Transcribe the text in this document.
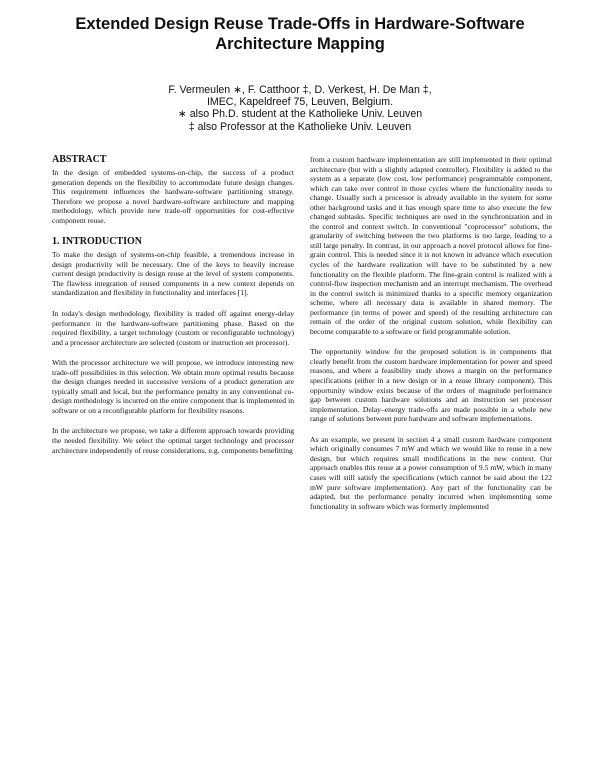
Extended Design Reuse Trade-Offs in Hardware-Software
Architecture Mapping
F. Vermeulen ∗, F. Catthoor ‡, D. Verkest, H. De Man ‡,
IMEC, Kapeldreef 75, Leuven, Belgium.
∗ also Ph.D. student at the Katholieke Univ. Leuven
‡ also Professor at the Katholieke Univ. Leuven
ABSTRACT

In the design of embedded systems-on-chip, the success of a product generation depends on the flexibility to accommodate future design changes. This requirement influences the hardware-software partitioning strategy. Therefore we propose a novel hardware-software architecture and mapping methodology, which provide new trade-off opportunities for cost-effective component reuse.

1. INTRODUCTION

To make the design of systems-on-chip feasible, a tremendous increase in design productivity will be necessary. One of the keys to heavily increase current design productivity is design reuse at the level of system components. The flawless integration of reused components in a new context depends on standardization and flexibility in functionality and interfaces [1].

In today's design methodology, flexibility is traded off against energy-delay performance in the hardware-software partitioning phase. Based on the required flexibility, a target technology (custom or reconfigurable technology) and a processor architecture are selected (custom or instruction set processor).

With the processor architecture we will propose, we introduce interesting new trade-off possibilities in this selection. We obtain more optimal results because the design changes needed in successive versions of a product generation are typically small and local, but the performance penalty in any conventional co-design methodology is incurred on the entire component that is implemented in software or on a reconfigurable platform for flexibility reasons.

In the architecture we propose, we take a different approach towards providing the needed flexibility. We select the optimal target technology and processor architecture independently of reuse considerations, e.g. components benefitting

from a custom hardware implementation are still implemented in their optimal architecture (but with a slightly adapted controller). Flexibility is added to the system as a separate (low cost, low performance) programmable component, which can take over control in those cycles where the functionality needs to change. Usually such a processor is already available in the system for some other background tasks and it has enough spare time to also execute the few changed subtasks. Specific techniques are used in the synchronization and in the control and context switch. In conventional "coprocessor" solutions, the granularity of switching between the two platforms is too large, leading to a still large penalty. In contrast, in our approach a novel protocol allows for fine-grain control. This is needed since it is not known in advance which execution cycles of the hardware realization will have to be substituted by a new functionality on the flexible platform. The fine-grain control is realized with a control-flow inspection mechanism and an interrupt mechanism. The overhead in the control switch is minimized thanks to a specific memory organization scheme, where all necessary data is available in shared memory. The performance (in terms of power and speed) of the resulting architecture can remain of the order of the original custom solution, while flexibility can become comparable to a software or field programmable solution.

The opportunity window for the proposed solution is in components that clearly benefit from the custom hardware implementation for power and speed reasons, and where a feasibility study shows a margin on the performance specifications (either in a new design or in a reuse library component). This opportunity window exists because of the orders of magnitude performance gap between custom hardware solutions and an instruction set processor implementation. Delay–energy trade-offs are made possible in a whole new range of solutions between pure hardware and software implementations.

As an example, we present in section 4 a small custom hardware component which originally consumes 7 mW and which we would like to reuse in a new design, but which requires small modifications in the new context. Our approach enables this reuse at a power consumption of 9.5 mW, which in many cases will still satisfy the specifications (which cannot be said about the 122 mW pure software implementation). Any part of the functionality can be adapted, but the performance penalty incurred when implementing some functionality in software which was formerly implemented
